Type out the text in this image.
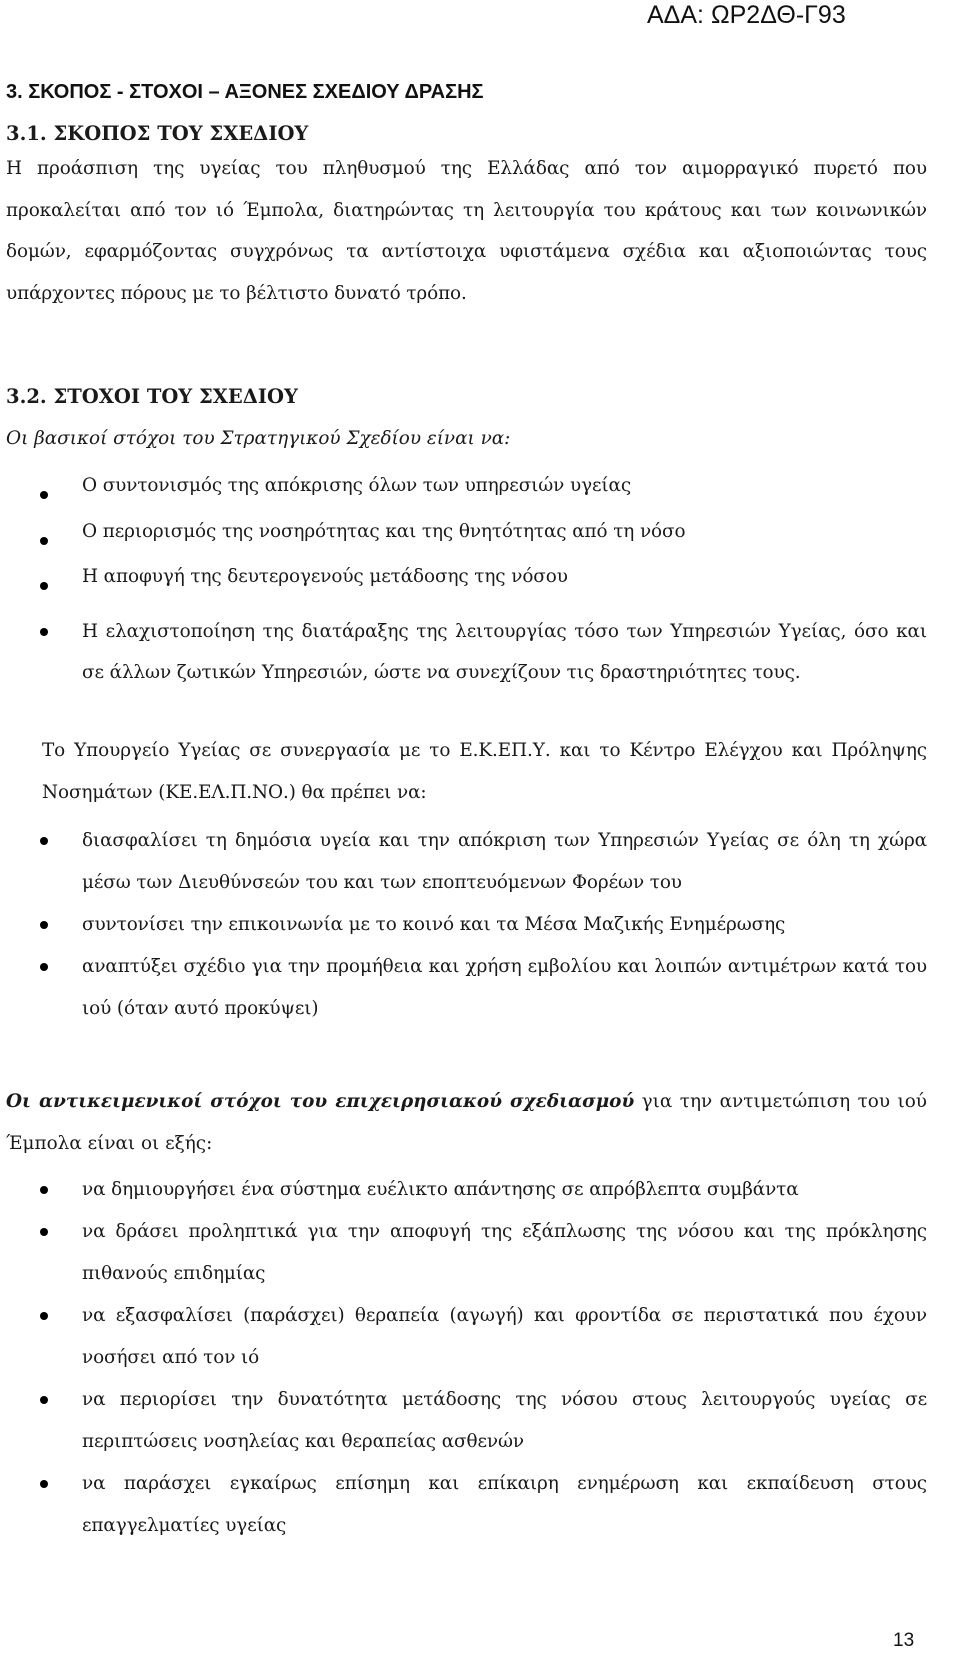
ΑΔΑ: ΩΡ2ΔΘ-Γ93
3. ΣΚΟΠΟΣ - ΣΤΟΧΟΙ – ΑΞΟΝΕΣ ΣΧΕΔΙΟΥ ΔΡΑΣΗΣ
3.1. ΣΚΟΠΟΣ ΤΟΥ ΣΧΕΔΙΟΥ
Η προάσπιση της υγείας του πληθυσμού της Ελλάδας από τον αιμορραγικό πυρετό που προκαλείται από τον ιό Έμπολα, διατηρώντας τη λειτουργία του κράτους και των κοινωνικών δομών, εφαρμόζοντας συγχρόνως τα αντίστοιχα υφιστάμενα σχέδια και αξιοποιώντας τους υπάρχοντες πόρους με το βέλτιστο δυνατό τρόπο.
3.2. ΣΤΟΧΟΙ ΤΟΥ ΣΧΕΔΙΟΥ
Οι βασικοί στόχοι του Στρατηγικού Σχεδίου είναι να:
Ο συντονισμός της απόκρισης όλων των υπηρεσιών υγείας
Ο περιορισμός της νοσηρότητας και της θνητότητας από τη νόσο
Η αποφυγή της δευτερογενούς μετάδοσης της νόσου
Η ελαχιστοποίηση της διατάραξης της λειτουργίας τόσο των Υπηρεσιών Υγείας, όσο και σε άλλων ζωτικών Υπηρεσιών, ώστε να συνεχίζουν τις δραστηριότητες τους.
Το Υπουργείο Υγείας σε συνεργασία με το Ε.Κ.ΕΠ.Υ. και το Κέντρο Ελέγχου και Πρόληψης Νοσημάτων (ΚΕ.ΕΛ.Π.ΝΟ.) θα πρέπει να:
διασφαλίσει τη δημόσια υγεία και την απόκριση των Υπηρεσιών Υγείας σε όλη τη χώρα μέσω των Διευθύνσεών του και των εποπτευόμενων Φορέων του
συντονίσει την επικοινωνία με το κοινό και τα Μέσα Μαζικής Ενημέρωσης
αναπτύξει σχέδιο για την προμήθεια και χρήση εμβολίου και λοιπών αντιμέτρων κατά του ιού (όταν αυτό προκύψει)
Οι αντικειμενικοί στόχοι του επιχειρησιακού σχεδιασμού για την αντιμετώπιση του ιού Έμπολα είναι οι εξής:
να δημιουργήσει ένα σύστημα ευέλικτο απάντησης σε απρόβλεπτα συμβάντα
να δράσει προληπτικά για την αποφυγή της εξάπλωσης της νόσου και της πρόκλησης πιθανούς επιδημίας
να εξασφαλίσει (παράσχει) θεραπεία (αγωγή) και φροντίδα σε περιστατικά που έχουν νοσήσει από τον ιό
να περιορίσει την δυνατότητα μετάδοσης της νόσου στους λειτουργούς υγείας σε περιπτώσεις νοσηλείας και θεραπείας ασθενών
να παράσχει εγκαίρως επίσημη και επίκαιρη ενημέρωση και εκπαίδευση στους επαγγελματίες υγείας
13
